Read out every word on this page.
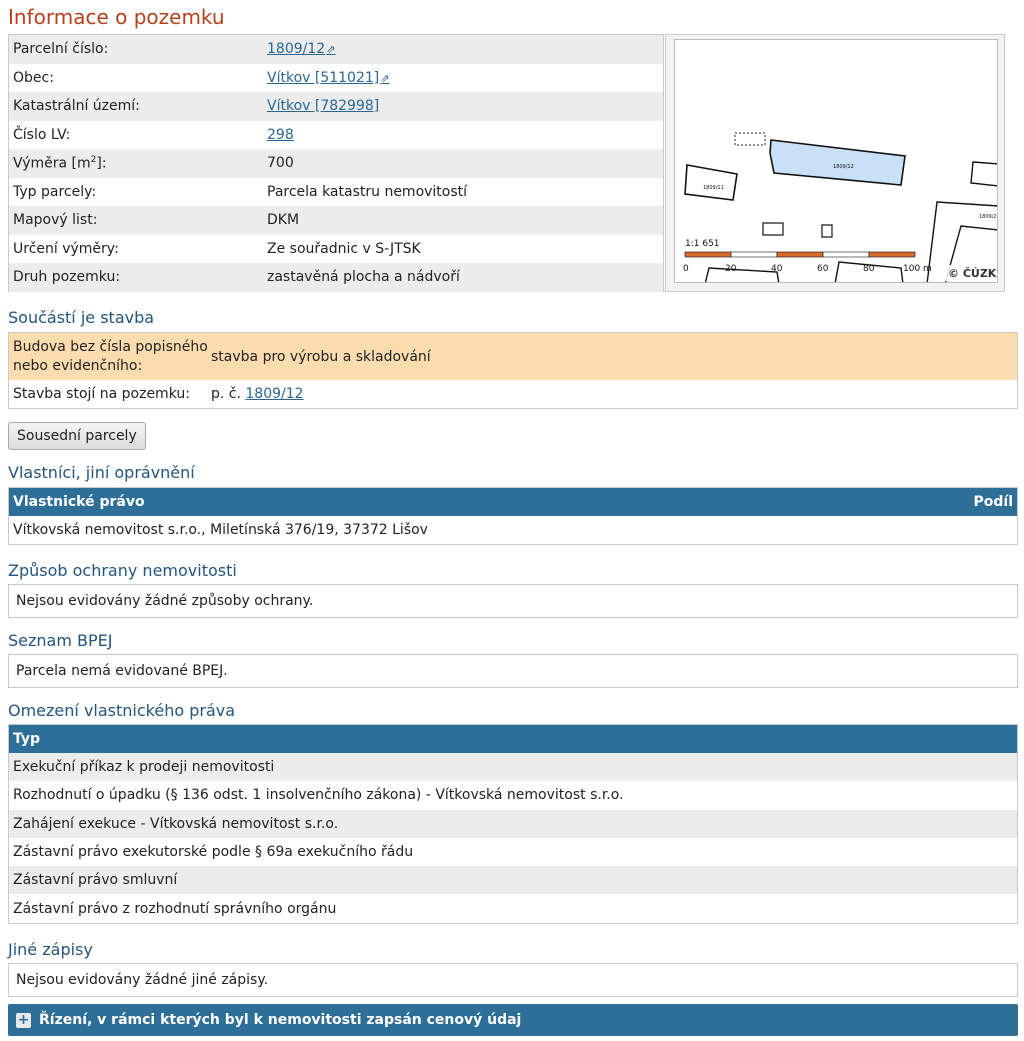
Informace o pozemku
Parcelní číslo:	1809/12⇗
Obec:	Vítkov [511021]⇗
Katastrální území:	Vítkov [782998]
Číslo LV:	298
Výměra $[m^2]$:	700
Typ parcely:	Parcela katastru nemovitostí
Mapový list:	DKM
Určení výměry:	Ze souřadnic v S-JTSK
Druh pozemku:	zastavěná plocha a nádvoří
1809/12
1809/11
1809/2
1:1 651
0	20	40	60	80	100 m © ČÚZK
Součástí je stavba
Budova bez čísla popisného
nebo evidenčního:
stavba pro výrobu a skladování
Stavba stojí na pozemku:	p. č.
1809/12
Sousední parcely
Vlastníci, jiní oprávnění
Vlastnické právo	Podíl
Vítkovská nemovitost s.r.o., Miletínská 376/19, 37372 Lišov
Způsob ochrany nemovitosti
Nejsou evidovány žádné způsoby ochrany.
Seznam BPEJ
Parcela nemá evidované BPEJ.
Omezení vlastnického práva
Typ
Exekuční příkaz k prodeji nemovitosti
Rozhodnutí o úpadku (§ 136 odst. 1 insolvenčního zákona) - Vítkovská nemovitost s.r.o.
Zahájení exekuce - Vítkovská nemovitost s.r.o.
Zástavní právo exekutorské podle § 69a exekučního řádu
Zástavní právo smluvní
Zástavní právo z rozhodnutí správního orgánu
Jiné zápisy
Nejsou evidovány žádné jiné zápisy.
+ Řízení, v rámci kterých byl k nemovitosti zapsán cenový údaj
